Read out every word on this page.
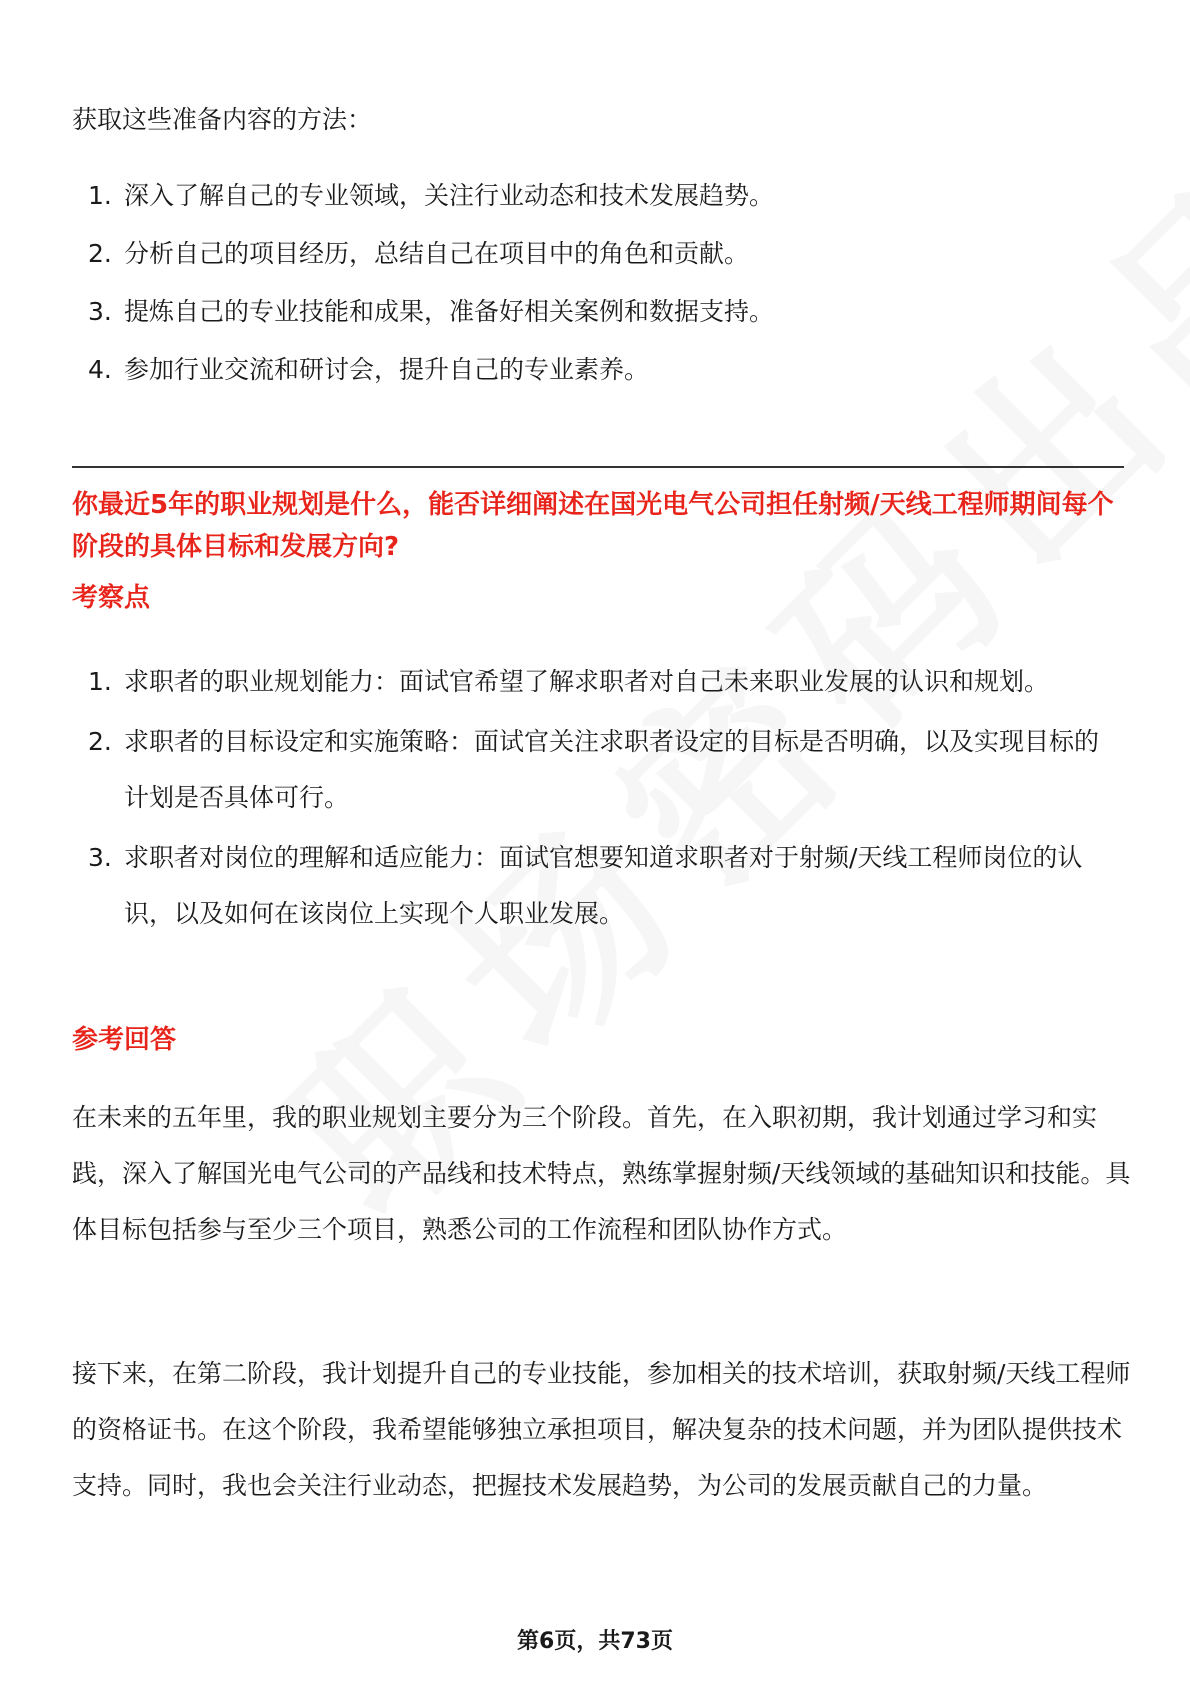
获取这些准备内容的方法：

1. 深入了解自己的专业领域，关注行业动态和技术发展趋势。
2. 分析自己的项目经历，总结自己在项目中的角色和贡献。
3. 提炼自己的专业技能和成果，准备好相关案例和数据支持。
4. 参加行业交流和研讨会，提升自己的专业素养。
你最近5年的职业规划是什么，能否详细阐述在国光电气公司担任射频/天线工程师期间每个阶段的具体目标和发展方向?
考察点
1. 求职者的职业规划能力：面试官希望了解求职者对自己未来职业发展的认识和规划。
2. 求职者的目标设定和实施策略：面试官关注求职者设定的目标是否明确，以及实现目标的计划是否具体可行。
3. 求职者对岗位的理解和适应能力：面试官想要知道求职者对于射频/天线工程师岗位的认识，以及如何在该岗位上实现个人职业发展。
参考回答

在未来的五年里，我的职业规划主要分为三个阶段。首先，在入职初期，我计划通过学习和实践，深入了解国光电气公司的产品线和技术特点，熟练掌握射频/天线领域的基础知识和技能。具体目标包括参与至少三个项目，熟悉公司的工作流程和团队协作方式。

接下来，在第二阶段，我计划提升自己的专业技能，参加相关的技术培训，获取射频/天线工程师的资格证书。在这个阶段，我希望能够独立承担项目，解决复杂的技术问题，并为团队提供技术支持。同时，我也会关注行业动态，把握技术发展趋势，为公司的发展贡献自己的力量。

第6页，共73页
